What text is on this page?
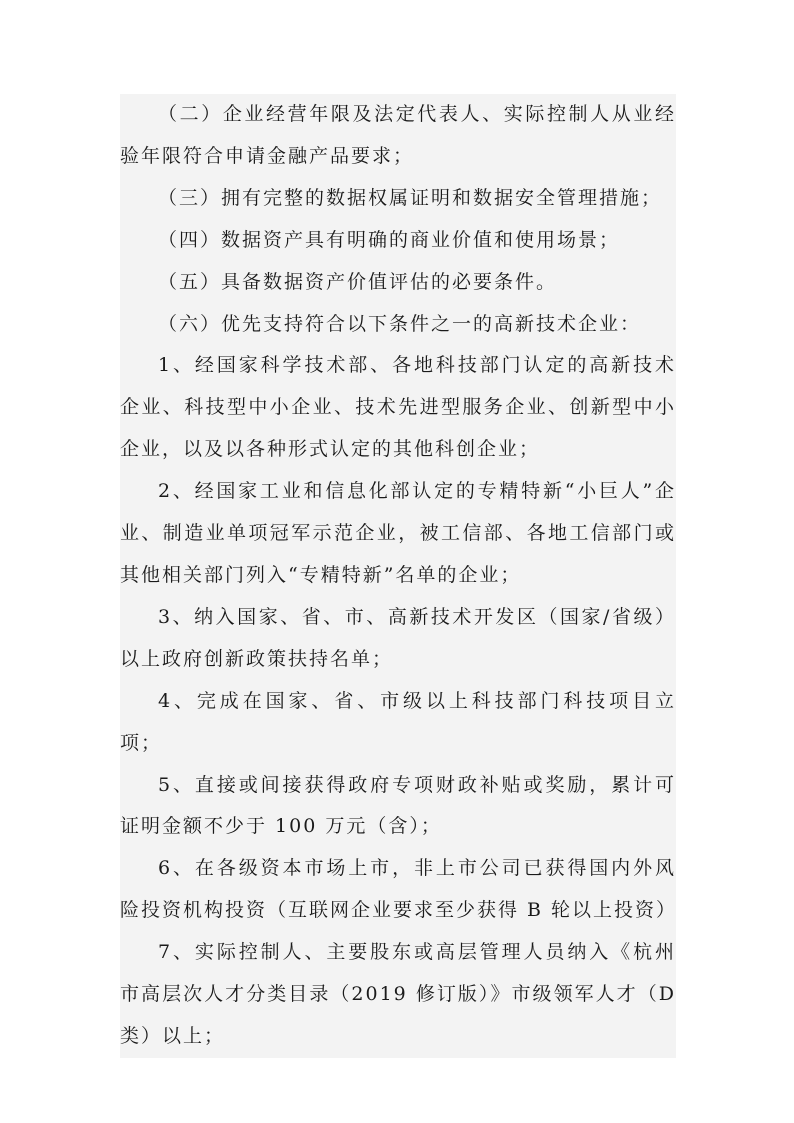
（二）企业经营年限及法定代表人、实际控制人从业经验年限符合申请金融产品要求；

（三）拥有完整的数据权属证明和数据安全管理措施；

（四）数据资产具有明确的商业价值和使用场景；

（五）具备数据资产价值评估的必要条件。

（六）优先支持符合以下条件之一的高新技术企业：

1、经国家科学技术部、各地科技部门认定的高新技术企业、科技型中小企业、技术先进型服务企业、创新型中小企业，以及以各种形式认定的其他科创企业；

2、经国家工业和信息化部认定的专精特新“小巨人”企业、制造业单项冠军示范企业，被工信部、各地工信部门或其他相关部门列入“专精特新”名单的企业；

3、纳入国家、省、市、高新技术开发区（国家/省级）以上政府创新政策扶持名单；

4、完成在国家、省、市级以上科技部门科技项目立项；

5、直接或间接获得政府专项财政补贴或奖励，累计可证明金额不少于 100 万元（含）；

6、在各级资本市场上市，非上市公司已获得国内外风险投资机构投资（互联网企业要求至少获得 B 轮以上投资）

7、实际控制人、主要股东或高层管理人员纳入《杭州市高层次人才分类目录（2019 修订版）》市级领军人才（D 类）以上；
